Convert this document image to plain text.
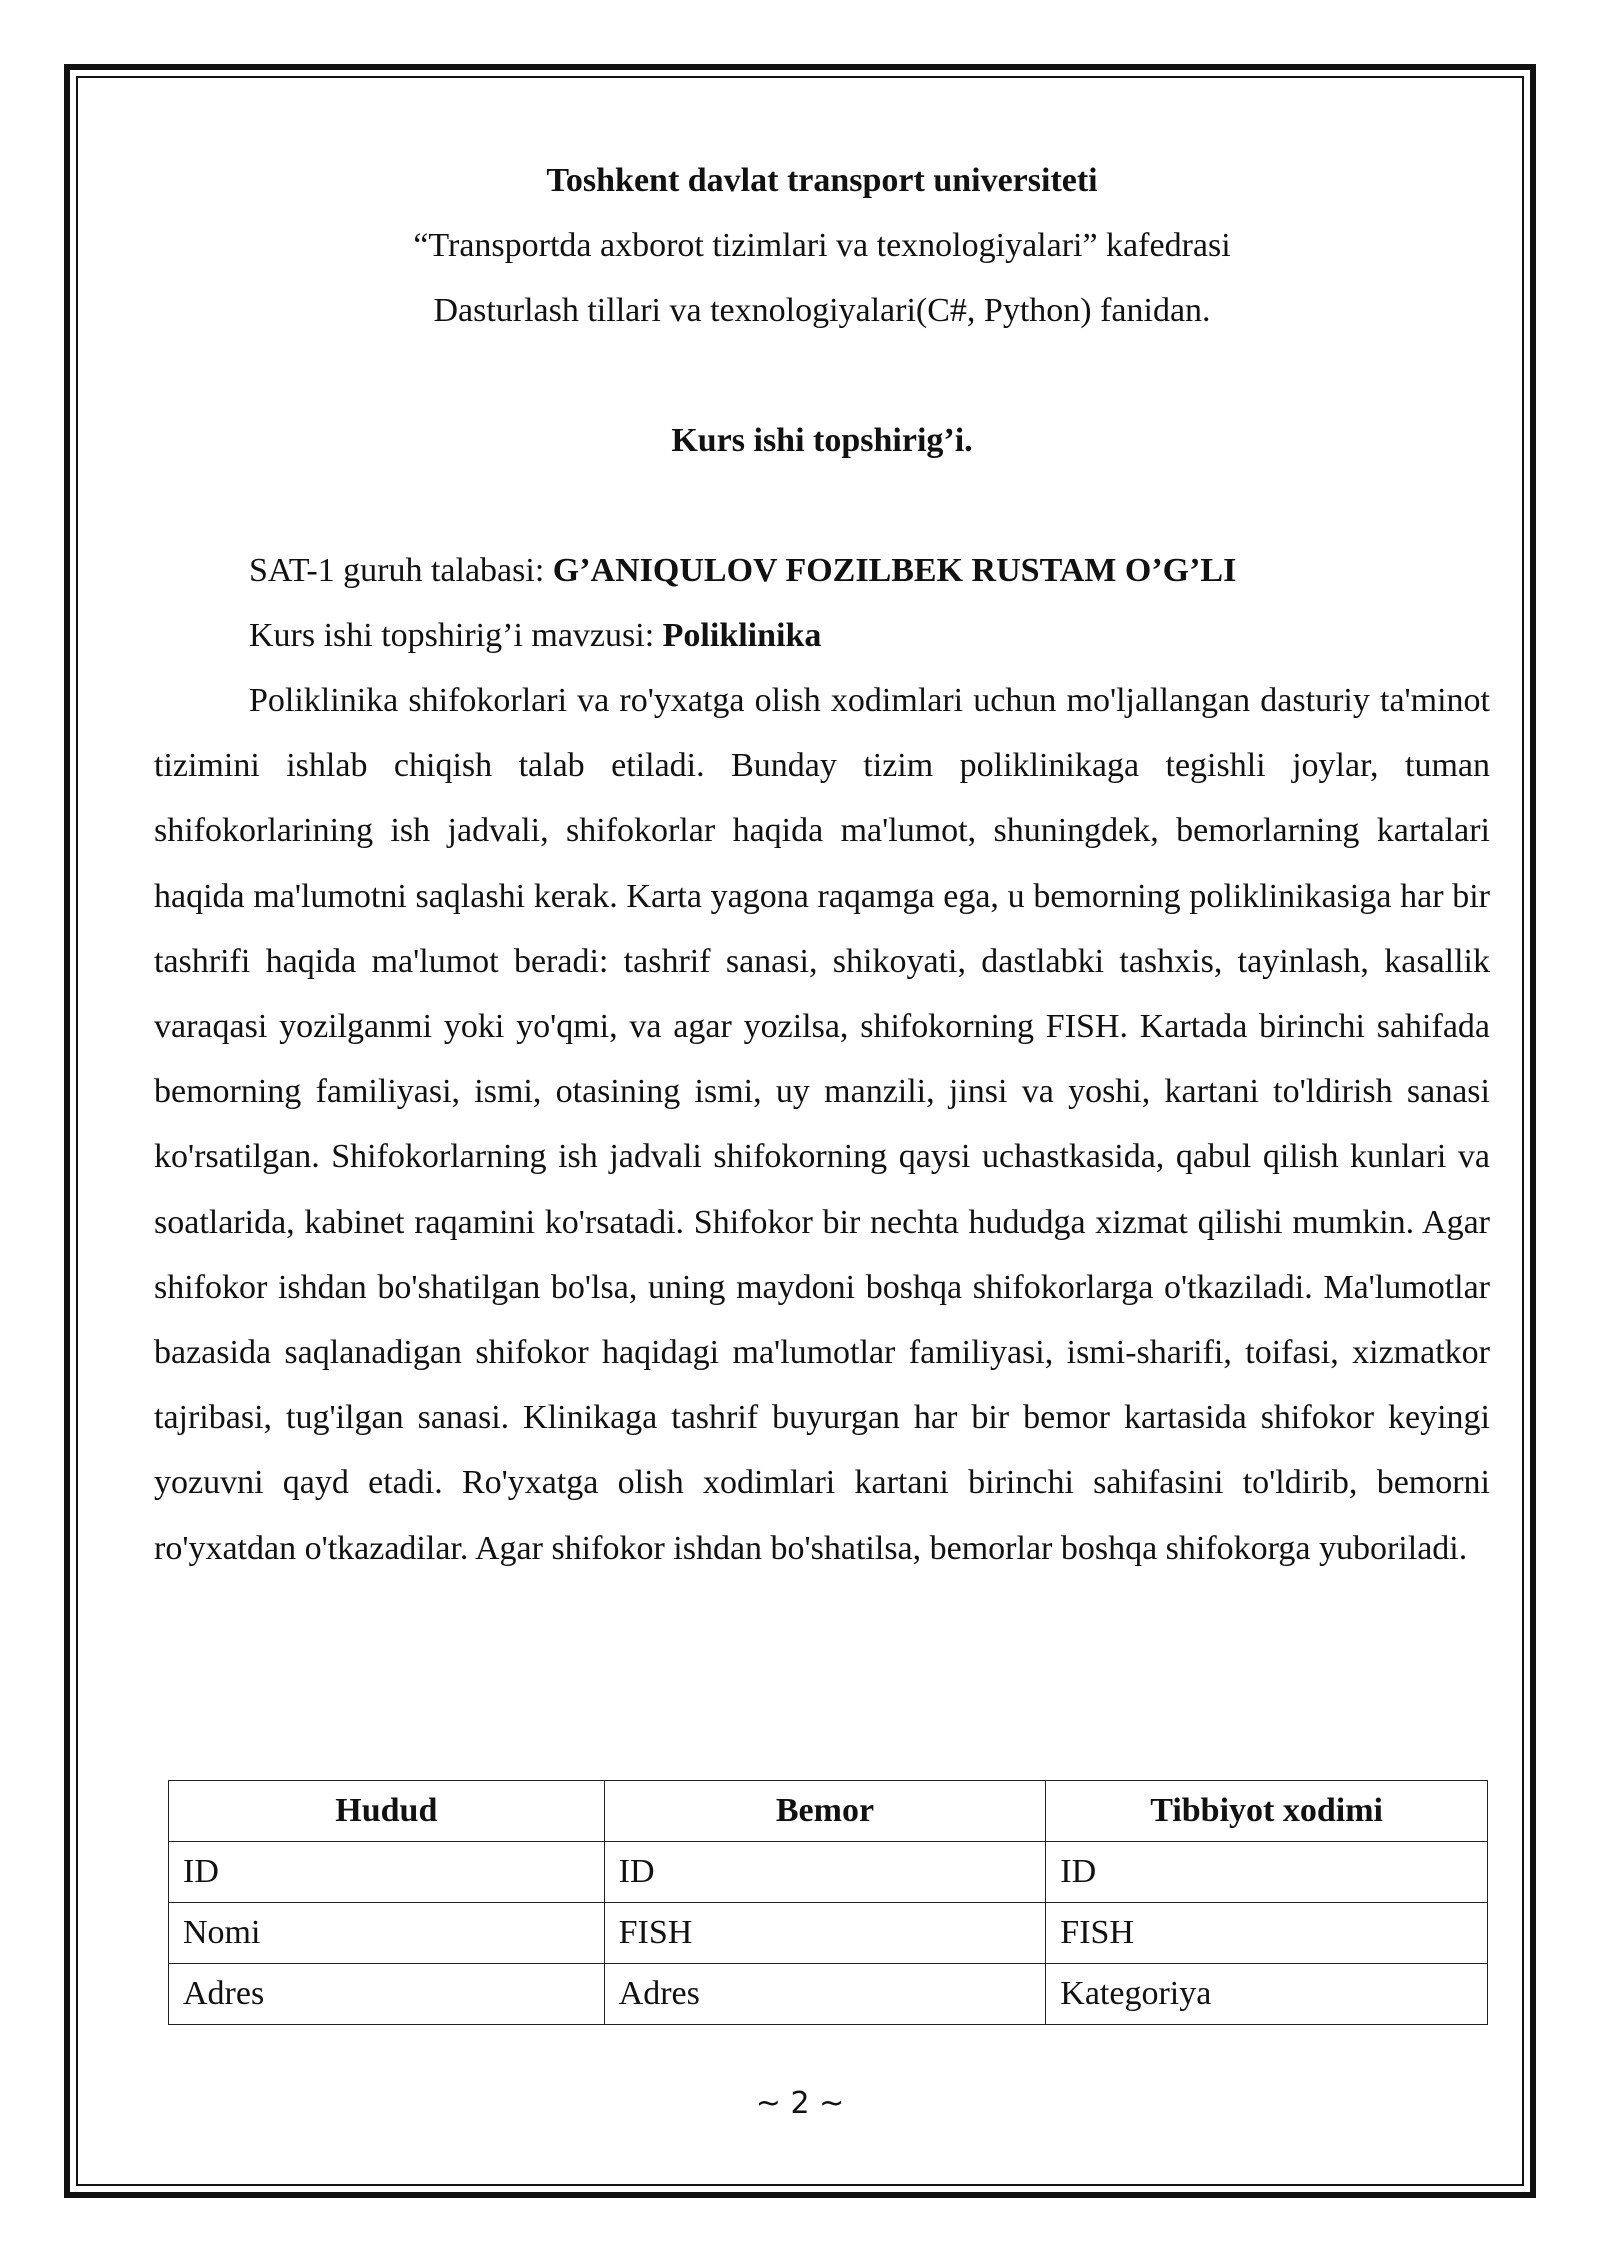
Toshkent davlat transport universiteti
“Transportda axborot tizimlari va texnologiyalari” kafedrasi
Dasturlash tillari va texnologiyalari(C#, Python) fanidan.
Kurs ishi topshirig’i.
SAT-1 guruh talabasi: G’ANIQULOV FOZILBEK RUSTAM O’G’LI
Kurs ishi topshirig’i mavzusi: Poliklinika

Poliklinika shifokorlari va ro'yxatga olish xodimlari uchun mo'ljallangan dasturiy ta'minot tizimini ishlab chiqish talab etiladi. Bunday tizim poliklinikaga tegishli joylar, tuman shifokorlarining ish jadvali, shifokorlar haqida ma'lumot, shuningdek, bemorlarning kartalari haqida ma'lumotni saqlashi kerak. Karta yagona raqamga ega, u bemorning poliklinikasiga har bir tashrifi haqida ma'lumot beradi: tashrif sanasi, shikoyati, dastlabki tashxis, tayinlash, kasallik varaqasi yozilganmi yoki yo'qmi, va agar yozilsa, shifokorning FISH. Kartada birinchi sahifada bemorning familiyasi, ismi, otasining ismi, uy manzili, jinsi va yoshi, kartani to'ldirish sanasi ko'rsatilgan. Shifokorlarning ish jadvali shifokorning qaysi uchastkasida, qabul qilish kunlari va soatlarida, kabinet raqamini ko'rsatadi. Shifokor bir nechta hududga xizmat qilishi mumkin. Agar shifokor ishdan bo'shatilgan bo'lsa, uning maydoni boshqa shifokorlarga o'tkaziladi. Ma'lumotlar bazasida saqlanadigan shifokor haqidagi ma'lumotlar familiyasi, ismi-sharifi, toifasi, xizmatkor tajribasi, tug'ilgan sanasi. Klinikaga tashrif buyurgan har bir bemor kartasida shifokor keyingi yozuvni qayd etadi. Ro'yxatga olish xodimlari kartani birinchi sahifasini to'ldirib, bemorni ro'yxatdan o'tkazadilar. Agar shifokor ishdan bo'shatilsa, bemorlar boshqa shifokorga yuboriladi.

Hudud	Bemor	Tibbiyot xodimi
ID	ID	ID
Nomi	FISH	FISH
Adres	Adres	Kategoriya
~ 2 ~
